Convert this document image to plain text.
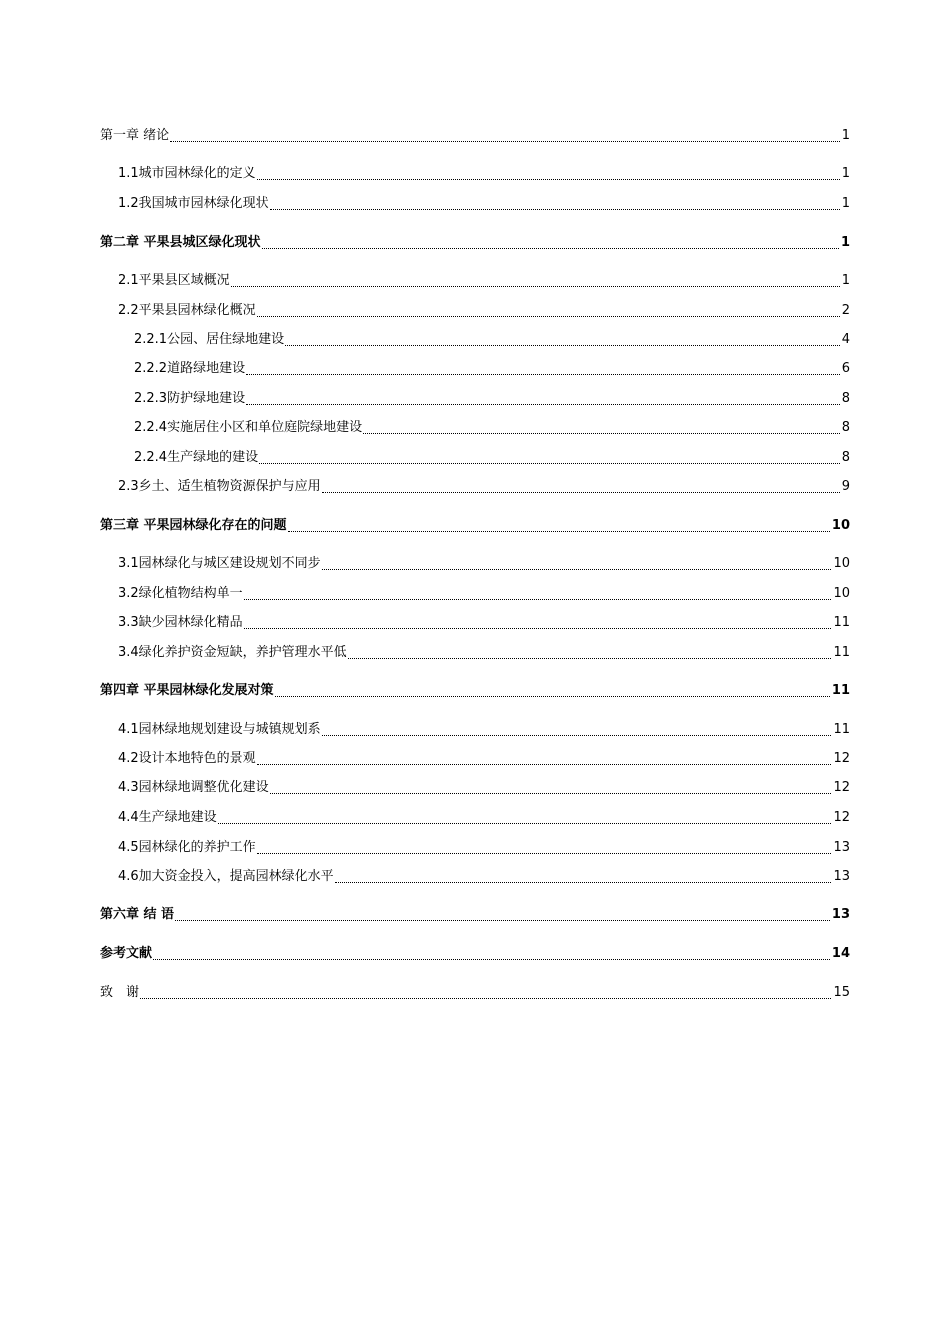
第一章 绪论	1
1.1城市园林绿化的定义	1
1.2我国城市园林绿化现状	1
第二章 平果县城区绿化现状	1
2.1平果县区域概况	1
2.2平果县园林绿化概况	2
2.2.1公园、居住绿地建设	4
2.2.2道路绿地建设	6
2.2.3防护绿地建设	8
2.2.4实施居住小区和单位庭院绿地建设	8
2.2.4生产绿地的建设	8
2.3乡土、适生植物资源保护与应用	9
第三章 平果园林绿化存在的问题	10
3.1园林绿化与城区建设规划不同步	10
3.2绿化植物结构单一	10
3.3缺少园林绿化精品	11
3.4绿化养护资金短缺，养护管理水平低	11
第四章 平果园林绿化发展对策	11
4.1园林绿地规划建设与城镇规划系	11
4.2设计本地特色的景观	12
4.3园林绿地调整优化建设	12
4.4生产绿地建设	12
4.5园林绿化的养护工作	13
4.6加大资金投入，提高园林绿化水平	13
第六章 结 语	13
参考文献	14
致　谢	15
